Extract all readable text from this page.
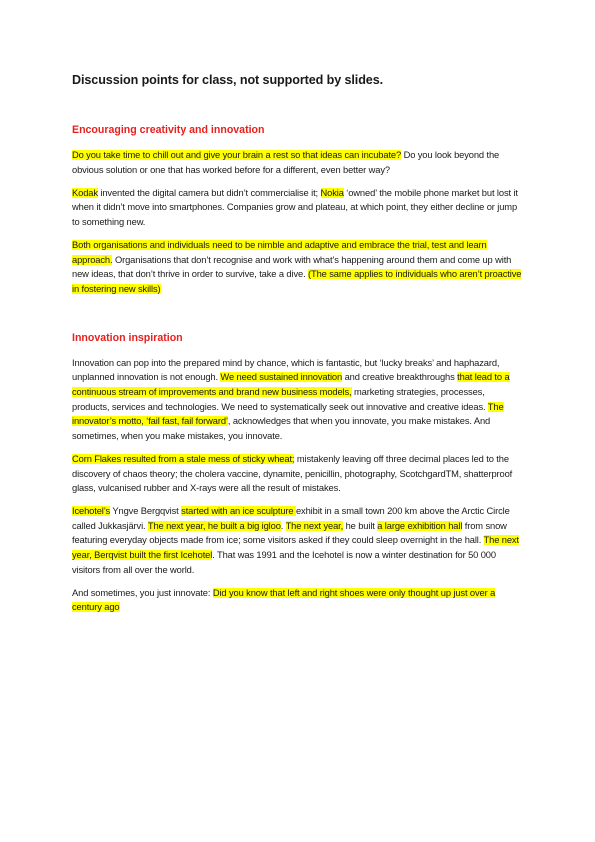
Discussion points for class, not supported by slides.
Encouraging creativity and innovation

Do you take time to chill out and give your brain a rest so that ideas can incubate? Do you look beyond the obvious solution or one that has worked before for a different, even better way?

Kodak invented the digital camera but didn’t commercialise it; Nokia ‘owned’ the mobile phone market but lost it when it didn’t move into smartphones. Companies grow and plateau, at which point, they either decline or jump to something new.

Both organisations and individuals need to be nimble and adaptive and embrace the trial, test and learn approach. Organisations that don’t recognise and work with what’s happening around them and come up with new ideas, that don’t thrive in order to survive, take a dive. (The same applies to individuals who aren’t proactive in fostering new skills)

Innovation inspiration

Innovation can pop into the prepared mind by chance, which is fantastic, but ‘lucky breaks’ and haphazard, unplanned innovation is not enough. We need sustained innovation and creative breakthroughs that lead to a continuous stream of improvements and brand new business models, marketing strategies, processes, products, services and technologies. We need to systematically seek out innovative and creative ideas. The innovator’s motto, ‘fail fast, fail forward’, acknowledges that when you innovate, you make mistakes. And sometimes, when you make mistakes, you innovate.

Corn Flakes resulted from a stale mess of sticky wheat; mistakenly leaving off three decimal places led to the discovery of chaos theory; the cholera vaccine, dynamite, penicillin, photography, ScotchgardTM, shatterproof glass, vulcanised rubber and X-rays were all the result of mistakes.

Icehotel’s Yngve Bergqvist started with an ice sculpture exhibit in a small town 200 km above the Arctic Circle called Jukkasjärvi. The next year, he built a big igloo. The next year, he built a large exhibition hall from snow featuring everyday objects made from ice; some visitors asked if they could sleep overnight in the hall. The next year, Berqvist built the first Icehotel. That was 1991 and the Icehotel is now a winter destination for 50 000 visitors from all over the world.

And sometimes, you just innovate: Did you know that left and right shoes were only thought up just over a century ago
